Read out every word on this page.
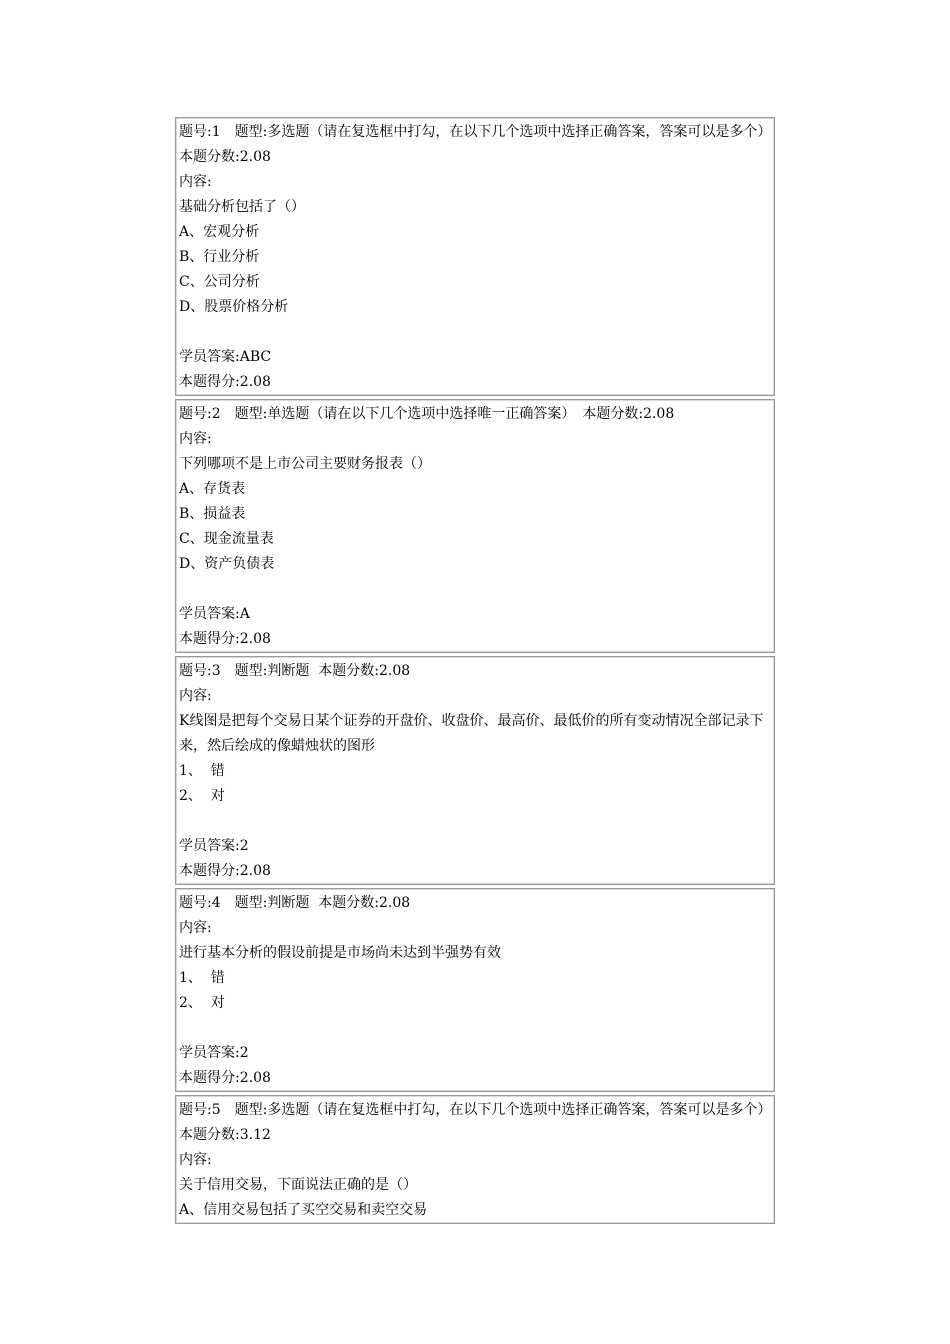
题号:1　题型:多选题（请在复选框中打勾，在以下几个选项中选择正确答案，答案可以是多个）　本题分数:2.08
内容:
基础分析包括了（）
A、宏观分析
B、行业分析
C、公司分析
D、股票价格分析
学员答案:ABC
本题得分:2.08
题号:2　题型:单选题（请在以下几个选项中选择唯一正确答案）　本题分数:2.08
内容:
下列哪项不是上市公司主要财务报表（）
A、存货表
B、损益表
C、现金流量表
D、资产负债表
学员答案:A
本题得分:2.08
题号:3　题型:判断题  本题分数:2.08
内容:
K线图是把每个交易日某个证券的开盘价、收盘价、最高价、最低价的所有变动情况全部记录下来，然后绘成的像蜡烛状的图形
1、  错
2、  对
学员答案:2
本题得分:2.08
题号:4　题型:判断题  本题分数:2.08
内容:
进行基本分析的假设前提是市场尚未达到半强势有效
1、  错
2、  对
学员答案:2
本题得分:2.08
题号:5　题型:多选题（请在复选框中打勾，在以下几个选项中选择正确答案，答案可以是多个）　本题分数:3.12
内容:
关于信用交易，下面说法正确的是（）
A、信用交易包括了买空交易和卖空交易
